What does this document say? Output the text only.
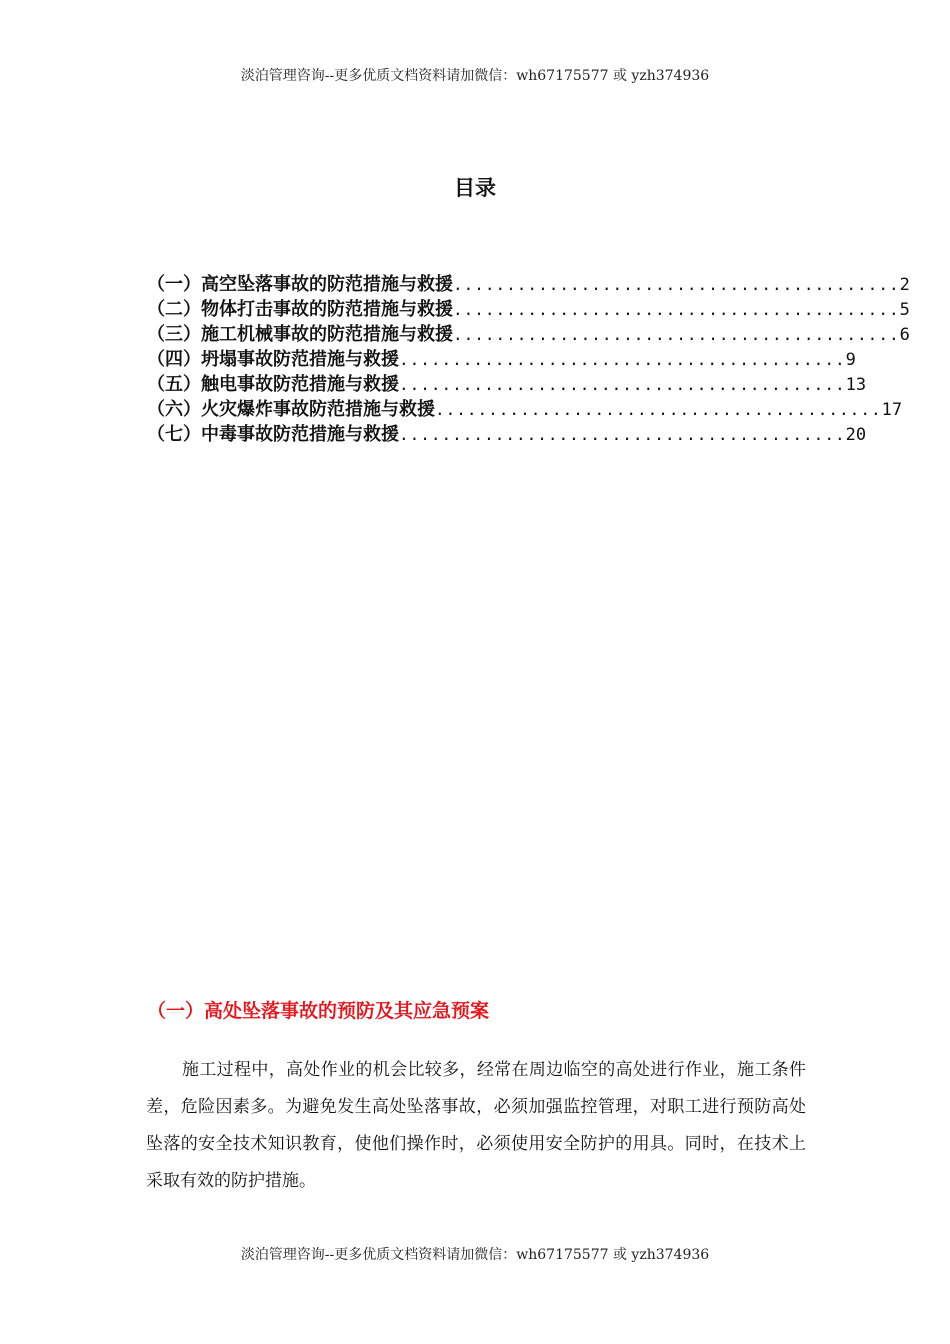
淡泊管理咨询--更多优质文档资料请加微信：wh67175577 或 yzh374936
目录
（一）高空坠落事故的防范措施与救援 .......................................... 2
（二）物体打击事故的防范措施与救援 .......................................... 5
（三）施工机械事故的防范措施与救援 .......................................... 6
（四）坍塌事故防范措施与救援 .......................................... 9
（五）触电事故防范措施与救援 .......................................... 13
（六）火灾爆炸事故防范措施与救援 .......................................... 17
（七）中毒事故防范措施与救援 .......................................... 20
（一）高处坠落事故的预防及其应急预案

施工过程中，高处作业的机会比较多，经常在周边临空的高处进行作业，施工条件差，危险因素多。为避免发生高处坠落事故，必须加强监控管理，对职工进行预防高处坠落的安全技术知识教育，使他们操作时，必须使用安全防护的用具。同时，在技术上采取有效的防护措施。

淡泊管理咨询--更多优质文档资料请加微信：wh67175577 或 yzh374936
